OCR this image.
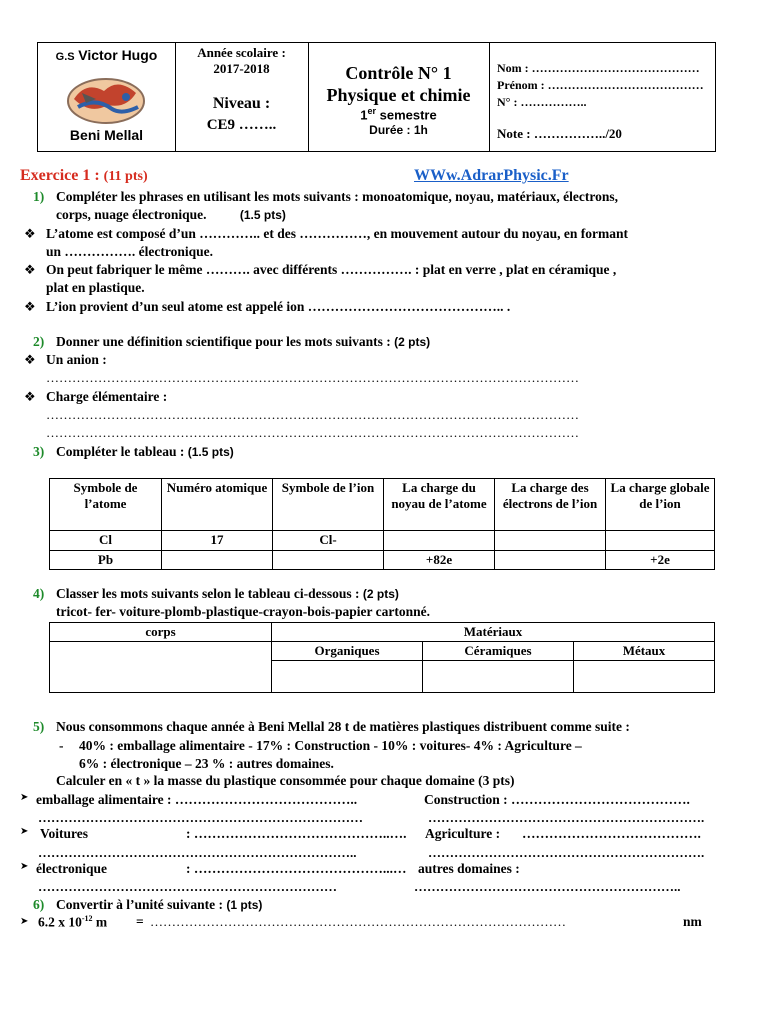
G.S Victor Hugo
Beni Mellal
Année scolaire :
2017-2018
Niveau :
CE9 ……..
Contrôle N° 1
Physique et chimie
1er semestre
Durée : 1h
Nom : ……………………………………
Prénom : …………………………………
N° : ……………..
Note : ……………../20
Exercice 1 : (11 pts)	WWw.AdrarPhysic.Fr
1) Compléter les phrases en utilisant les mots suivants : monoatomique, noyau, matériaux, électrons,
corps, nuage électronique.	(1.5 pts)
❖ L’atome est composé d’un ………….. et des ……………, en mouvement autour du noyau, en formant
un ……………. électronique.
❖ On peut fabriquer le même ………. avec différents ……………. : plat en verre , plat en céramique ,
plat en plastique.
❖ L’ion provient d’un seul atome est appelé ion …………………………………….. .
2) Donner une définition scientifique pour les mots suivants : (2 pts)
❖ Un anion :
……………………………………………………………………………………………………………
❖ Charge élémentaire :
……………………………………………………………………………………………………………
……………………………………………………………………………………………………………
3) Compléter le tableau : (1.5 pts)
Symbole de l’atome	Numéro atomique	Symbole de l’ion	La charge du noyau de l’atome	La charge des électrons de l’ion	La charge globale de l’ion
Cl	17	Cl-			
Pb			+82e		+2e
4) Classer les mots suivants selon le tableau ci-dessous : (2 pts)
tricot- fer- voiture-plomb-plastique-crayon-bois-papier cartonné.
corps	Matériaux		
	Organiques	Céramiques	Métaux

5) Nous consommons chaque année à Beni Mellal 28 t de matières plastiques distribuent comme suite :
- 40% : emballage alimentaire - 17% : Construction - 10% : voitures- 4% : Agriculture –
6% : électronique – 23 % : autres domaines.
Calculer en « t » la masse du plastique consommée pour chaque domaine (3 pts)
➤ emballage alimentaire : …………………………………..
…………………………………………………………………
Construction : ………………………………….
……………………………………………………….
➤ Voitures	: ……………………………………..….
………………………………………………………………..
Agriculture : ………………………………….
……………………………………………………….
➤ électronique	: ……………………………………...…
……………………………………………………………
autres domaines :
……………………………………………………..
6) Convertir à l’unité suivante : (1 pts)
➤ 6.2 x $10^{-12}$ m = ……………………………………………………………………………………	nm
